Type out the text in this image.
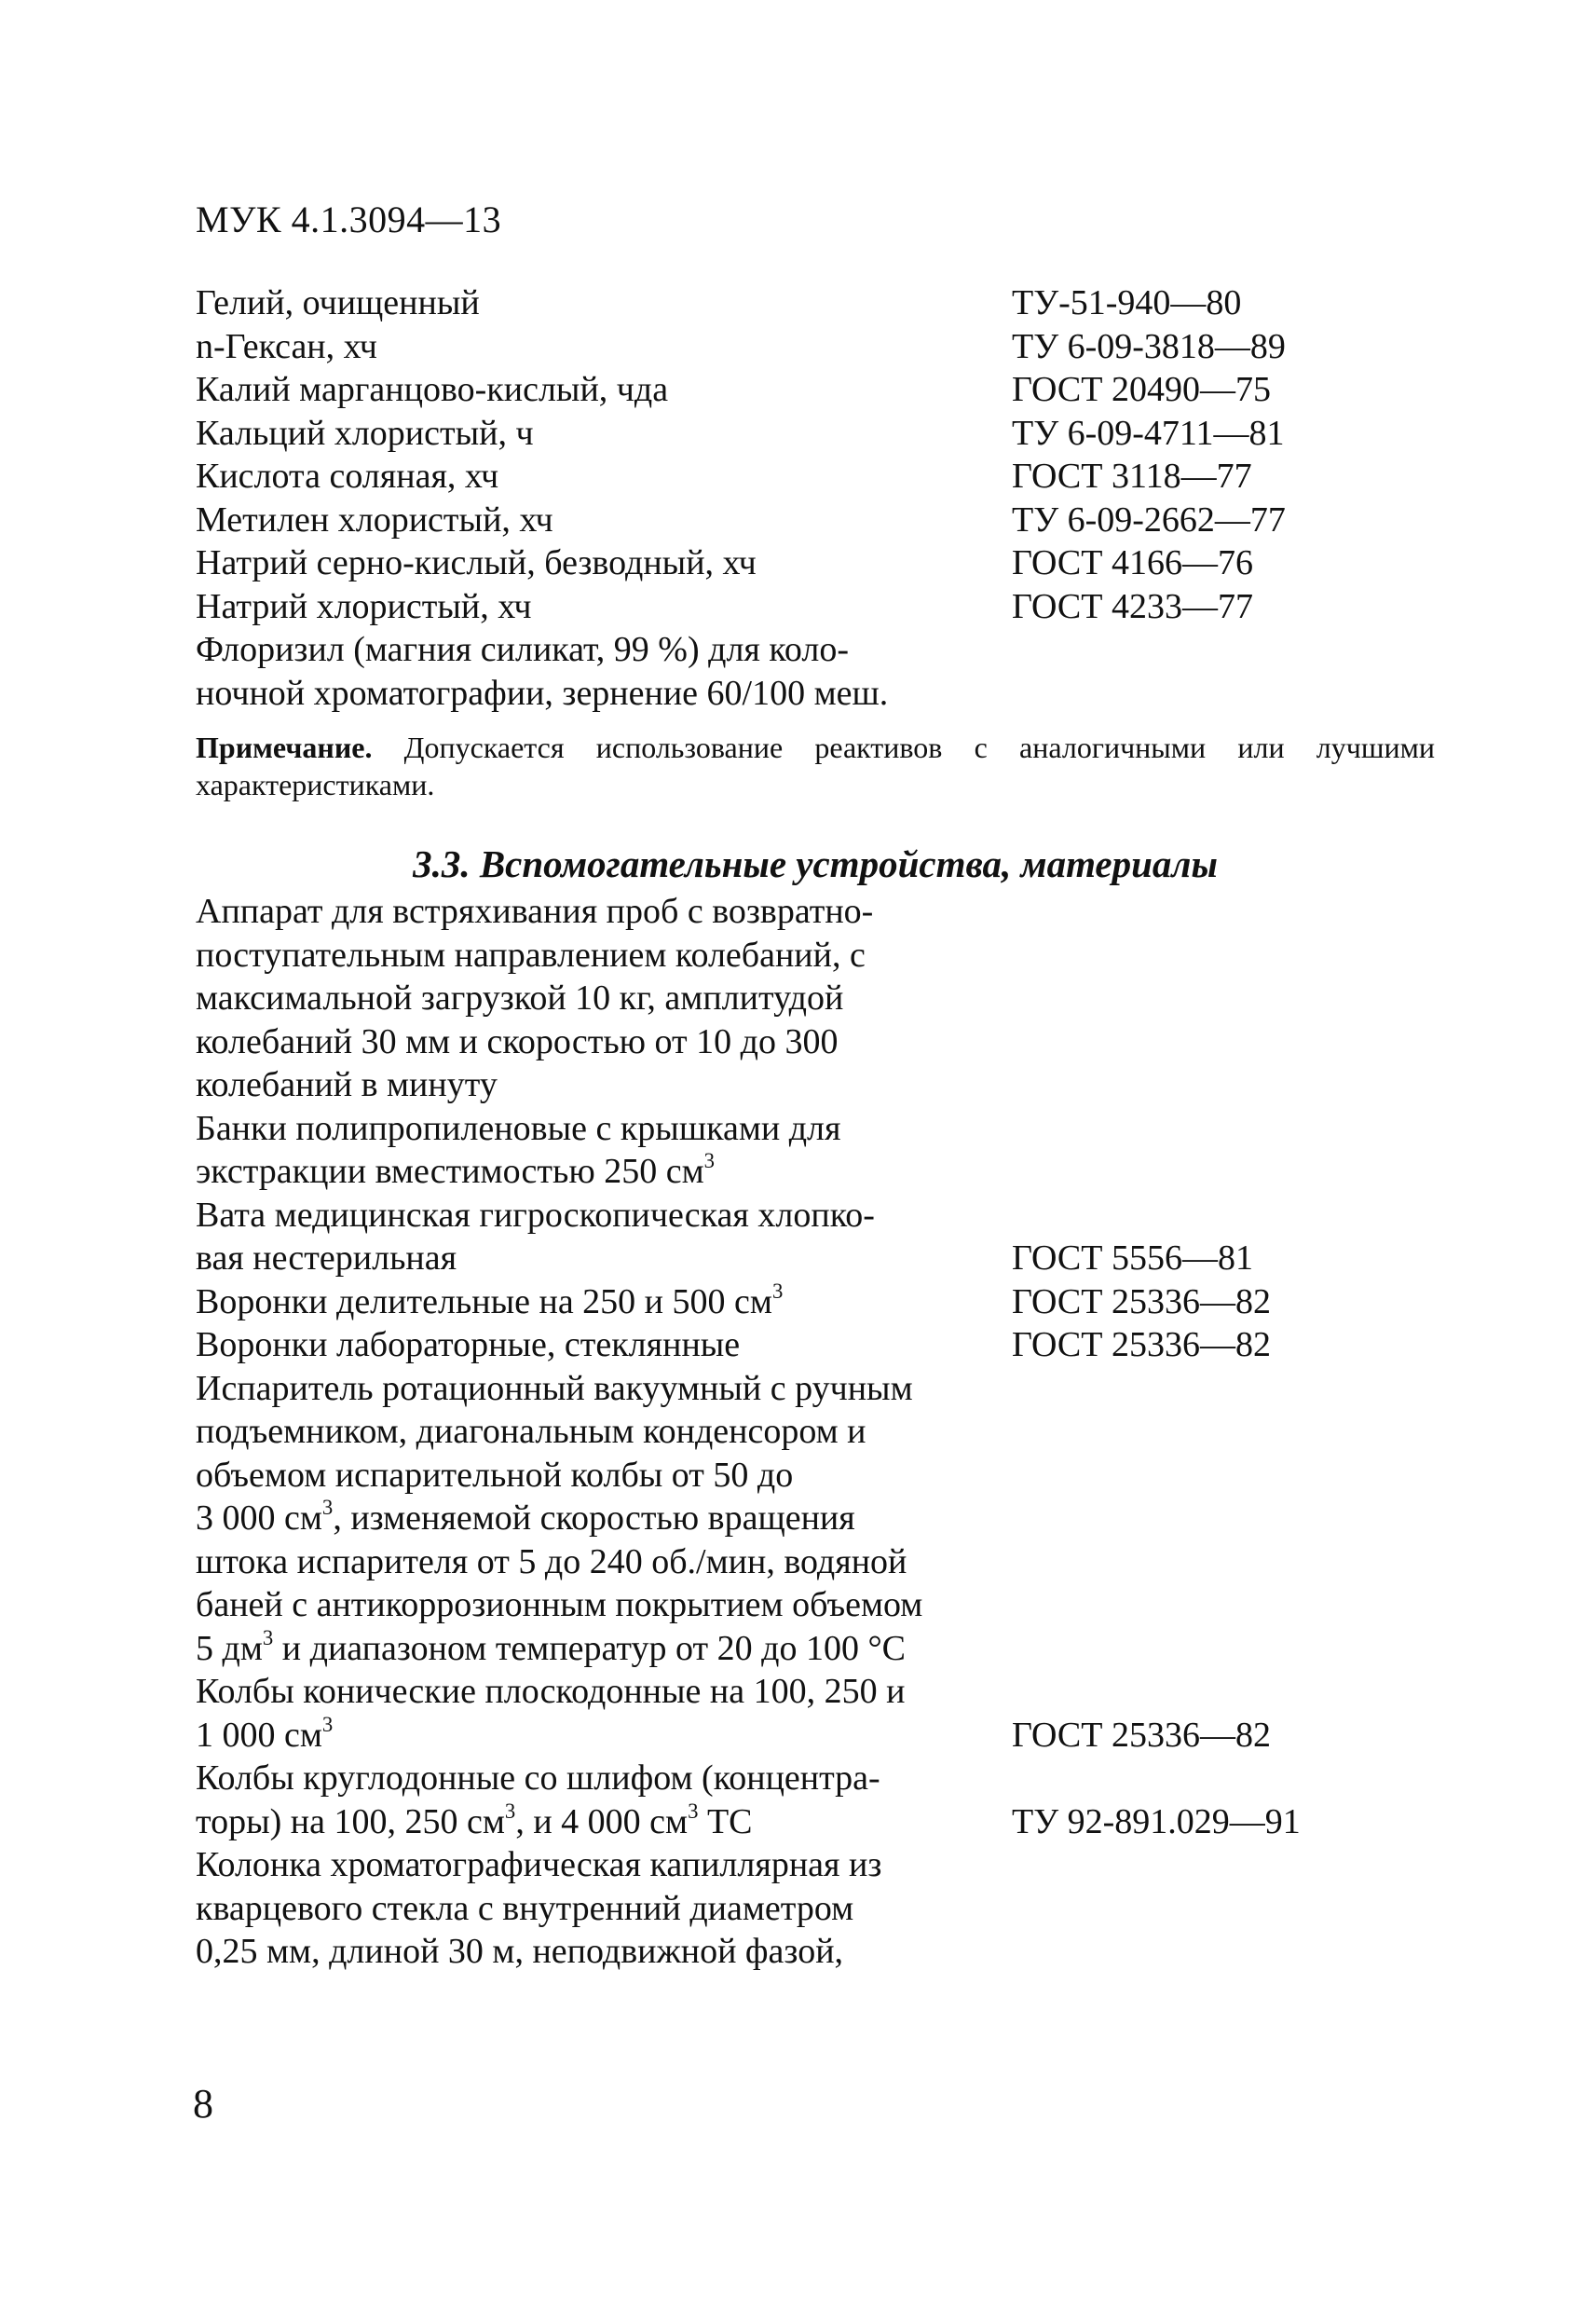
МУК 4.1.3094—13
Гелий, очищенный	ТУ-51-940—80
n-Гексан, хч	ТУ 6-09-3818—89
Калий марганцово-кислый, чда	ГОСТ 20490—75
Кальций хлористый, ч	ТУ 6-09-4711—81
Кислота соляная, хч	ГОСТ 3118—77
Метилен хлористый, хч	ТУ 6-09-2662—77
Натрий серно-кислый, безводный, хч	ГОСТ 4166—76
Натрий хлористый, хч	ГОСТ 4233—77
Флоризил (магния силикат, 99 %) для коло-
ночной хроматографии, зернение 60/100 меш.
Примечание. Допускается использование реактивов с аналогичными или лучшими характеристиками.
3.3. Вспомогательные устройства, материалы
Аппарат для встряхивания проб с возвратно-
поступательным направлением колебаний, с
максимальной загрузкой 10 кг, амплитудой
колебаний 30 мм и скоростью от 10 до 300
колебаний в минуту
Банки полипропиленовые с крышками для
экстракции вместимостью 250 $см^3$
Вата медицинская гигроскопическая хлопко-
вая нестерильная	ГОСТ 5556—81
Воронки делительные на 250 и 500 $см^3$	ГОСТ 25336—82
Воронки лабораторные, стеклянные	ГОСТ 25336—82
Испаритель ротационный вакуумный с ручным
подъемником, диагональным конденсором и
объемом испарительной колбы от 50 до
3 000 $см^3$, изменяемой скоростью вращения
штока испарителя от 5 до 240 об./мин, водяной
баней с антикоррозионным покрытием объемом
5 $дм^3$ и диапазоном температур от 20 до 100 °С
Колбы конические плоскодонные на 100, 250 и
1 000 $см^3$	ГОСТ 25336—82
Колбы круглодонные со шлифом (концентра-
торы) на 100, 250 $см^3$, и 4 000 $см^3$ ТС	ТУ 92-891.029—91
Колонка хроматографическая капиллярная из
кварцевого стекла с внутренний диаметром
0,25 мм, длиной 30 м, неподвижной фазой,
8
